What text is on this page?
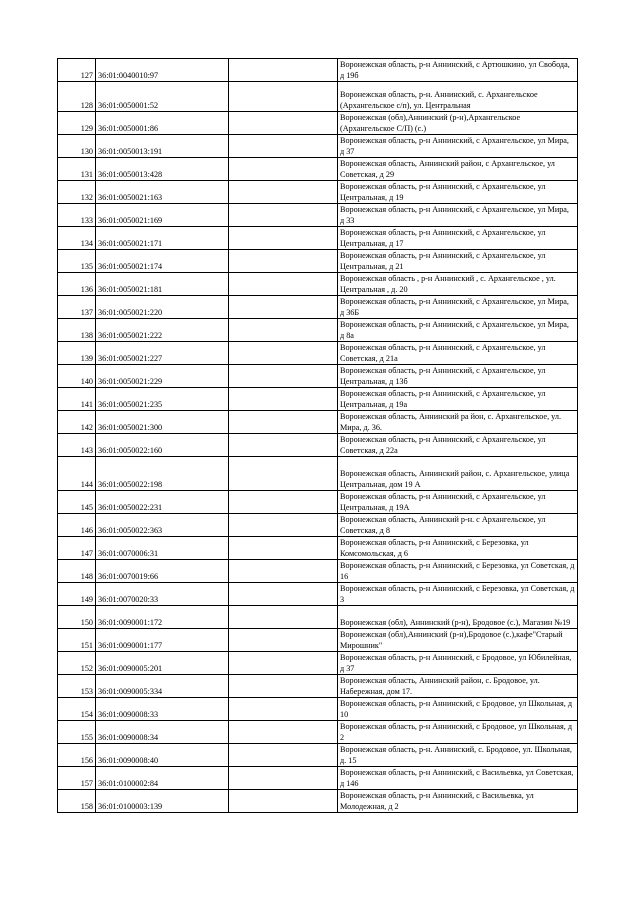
127	36:01:0040010:97		Воронежская область, р-н Аннинский, с Артюшкино, ул Свобода, д 19б
128	36:01:0050001:52		Воронежская область, р-н. Аннинский, с. Архангельское (Архангельское с/п), ул. Центральная
129	36:01:0050001:86		Воронежская (обл),Аннинский (р-н),Архангельское (Архангельское С/П) (с.)
130	36:01:0050013:191		Воронежская область, р-н Аннинский, с Архангельское, ул Мира, д 37
131	36:01:0050013:428		Воронежская область, Аннинский район, с Архангельское, ул Советская, д 29
132	36:01:0050021:163		Воронежская область, р-н Аннинский, с Архангельское, ул Центральная, д 19
133	36:01:0050021:169		Воронежская область, р-н Аннинский, с Архангельское, ул Мира, д 33
134	36:01:0050021:171		Воронежская область, р-н Аннинский, с Архангельское, ул Центральная, д 17
135	36:01:0050021:174		Воронежская область, р-н Аннинский, с Архангельское, ул Центральная, д 21
136	36:01:0050021:181		Воронежская область , р-н Аннинский , с. Архангельское , ул. Центральная , д. 20
137	36:01:0050021:220		Воронежская область, р-н Аннинский, с Архангельское, ул Мира, д 36Б
138	36:01:0050021:222		Воронежская область, р-н Аннинский, с Архангельское, ул Мира, д 8а
139	36:01:0050021:227		Воронежская область, р-н Аннинский, с Архангельское, ул Советская, д 21а
140	36:01:0050021:229		Воронежская область, р-н Аннинский, с Архангельское, ул Центральная, д 13б
141	36:01:0050021:235		Воронежская область, р-н Аннинский, с Архангельское, ул Центральная, д 19а
142	36:01:0050021:300		Воронежская область, Аннинский ра йон, с. Архангельское, ул. Мира, д. 36.
143	36:01:0050022:160		Воронежская область, р-н Аннинский, с Архангельское, ул Советская, д 22а
144	36:01:0050022:198		Воронежская область, Аннинский район, с. Архангельское, улица Центральная, дом 19 А
145	36:01:0050022:231		Воронежская область, р-н Аннинский, с Архангельское, ул Центральная, д 19А
146	36:01:0050022:363		Воронежская область, Аннинский р-н. с Архангельское, ул Советская, д 8
147	36:01:0070006:31		Воронежская область, р-н Аннинский, с Березовка, ул Комсомольская, д 6
148	36:01:0070019:66		Воронежская область, р-н Аннинский, с Березовка, ул Советская, д 16
149	36:01:0070020:33		Воронежская область, р-н Аннинский, с Березовка, ул Советская, д 3
150	36:01:0090001:172		Воронежская (обл), Аннинский (р-н), Бродовое (с.), Магазин №19
151	36:01:0090001:177		Воронежская (обл),Аннинский (р-н),Бродовое (с.),кафе"Старый Мирошник"
152	36:01:0090005:201		Воронежская область, р-н Аннинский, с Бродовое, ул Юбилейная, д 37
153	36:01:0090005:334		Воронежская область, Аннинский район, с. Бродовое, ул. Набережная, дом 17.
154	36:01:0090008:33		Воронежская область, р-н Аннинский, с Бродовое, ул Школьная, д 10
155	36:01:0090008:34		Воронежская область, р-н Аннинский, с Бродовое, ул Школьная, д 2
156	36:01:0090008:40		Воронежская область, р-н. Аннинский, с. Бродовое, ул. Школьная, д. 15
157	36:01:0100002:84		Воронежская область, р-н Аннинский, с Васильевка, ул Советская, д 146
158	36:01:0100003:139		Воронежская область, р-н Аннинский, с Васильевка, ул Молодежная, д 2
